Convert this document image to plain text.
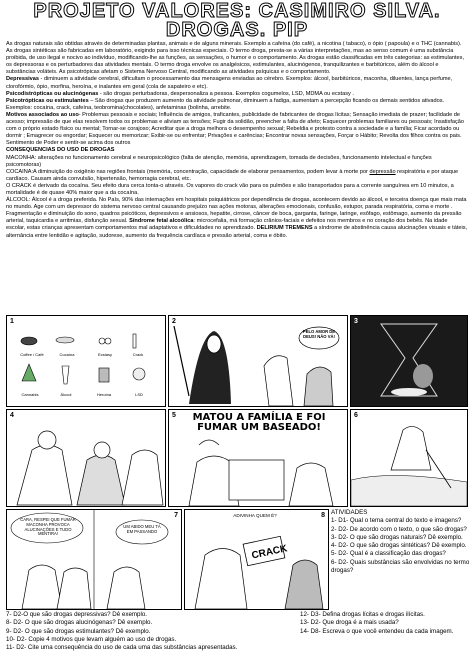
PROJETO VALORES: CASIMIRO SILVA.
DROGAS. PIP

As drogas naturais são obtidas através de determinadas plantas, animais e de alguns minerais. Exemplo a cafeína (do café), a nicotina ( tabaco), o ópio ( papoula) e o THC (cannabis). As drogas sintéticas são fabricadas em laboratório, exigindo para isso técnicas especiais. O termo droga, presta-se a várias interpretações, mas ao senso comum é uma substância proibida, de uso ilegal e nocivo ao indivíduo, modificando-lhe as funções, as sensações, o humor e o comportamento. As drogas estão classificadas em três categorias: as estimulantes, os depressoras e os perturbadores das atividades mentais. O termo droga envolve os analgésicos, estimulantes, alucinógenos, tranquilizantes e barbitúricos, além do álcool e substâncias voláteis. As psicotrópicas afetam o Sistema Nervoso Central, modificando as atividades psíquicas e o comportamento.

Depressivas - diminuem a atividade cerebral, dificultam o processamento das mensagens enviadas ao cérebro. Exemplos: álcool, barbitúricos, maconha, diluentes, lança perfume, clorofórmio, ópio, morfina, heroína, e inalantes em geral (cola de sapateiro e etc).

Psicodistrópticas ou alucinógenas - são drogas perturbadoras, despersonaliza a pessoa. Exemplos cogumelos, LSD, MDMA ou ecstasy .

Psicotrópticas ou estimulantes – São drogas que produzem aumento da atividade pulmonar, diminuem a fadiga, aumentam a percepção ficando os demais sentidos ativados. Exemplos: cocaína, crack, cafeína, teobromina(chocolates), anfetaminas (bolinha, arrebite.

Motivos associados ao uso- Problemas pessoais e sociais; Influência de amigos, traficantes, publicidade de fabricantes de drogas lícitas; Sensação imediata de prazer; facilidade de acesso; impressão de que elas resolvem todos os problemas e aliviam as tensões; Fugir da solidão, preencher a falta de afeto; Esquecer problemas familiares ou pessoais; Insatisfação com o próprio estado físico ou mental; Tornar-se corajoso; Acreditar que a droga melhora o desempenho sexual; Rebeldia e protesto contra a sociedade e a família; Ficar acordado ou dormir ; Emagrecer ou engordar; Esquecer ou memorizar; Exibir-se ou enfrentar; Privações e carências; Encontrar novas sensações, Forçar o Hábito; Revolta dos filhos contra os pais. Sentimento de Poder e sentir-se acima dos outros

CONSEQUENCIAS DO USO DE DROGAS

MACONHA: alterações no funcionamento cerebral e neuropsicológico (falta de atenção, memória, aprendizagem, tomada de decisões, funcionamento intelectual e funções psicomotoras)

COCAINA:A diminuição do oxigênio nas regiões frontais (memória, concentração, capacidade de elaborar pensamentos, podem levar à morte por depressão respiratória e por ataque cardíaco. Causam ainda convulsão, hipertensão, hemorragia cerebral, etc.

O CRACK é derivado da cocaína. Seu efeito dura cerca tonta-o através. Os vapores do crack vão para os pulmões e são transportados para a corrente sanguínea em 10 minutos, a mortalidade é de quase 40% maior que a da cocaína.

ÁLCOOL: Álcool é a droga preferida. No País, 90% das internações em hospitais psiquiátricos por dependência de drogas, acontecem devido ao álcool, e terceira doença que mais mata no mundo. Age com um depressor do sistema nervoso central causando prejuízo nas ações motoras, alterações emocionais, confusão, estupor, parada respiratória, coma e morte . Fragmentação e diminuição do sono, quadros psicóticos, depressivos e ansiosos, hepatite, cirrose, câncer de boca, garganta, faringe, laringe, esôfago, estômago, aumento da pressão arterial, taquicardia e arritmias, disfunção sexual. Síndrome fetal alcoólica: microcefalia, má formação crânios-faciais e defeitos nos membros e no coração dos bebês. Na idade escolar, estas crianças apresentam comportamentos mal adaptativos e dificuldades no aprendizado. DELIRIUM TREMENS a síndrome de abstinência causa alucinações visuais e táteis, alternância entre lentidão e agitação, sudorese, aumento da frequência cardíaca e pressão arterial, coma e óbito.

1
Coffee / Café	Cocaína	Ecstasy	Crack
Cannabis	Álcool	Heroína	LSD
2
PELO AMOR DE DEUS! NÃO VÁ!
3
4	5	MATOU A FAMÍLIA E FOI FUMAR UM BASEADO!
6
7
CARA, RESPEI QUE FUMAR MACONHA PROVOCA ALUCINAÇÕES E TUDO MENTIRA!
UM ABIDO MEU TÁ EM PASSANDO
8
ADIVINHA QUEM É?
CRACK
ATIVIDADES
1- D1- Qual o tema central do texto e imagens?
2- D2- De acordo com o texto, o que são drogas?
3- D2- O que são drogas naturais? Dê exemplo.
4- D2- O que são drogas sintéticas? Dê exemplo.
5- D2- Qual é a classificação das drogas?
6- D2- Quais substâncias são envolvidas no termo drogas?
7- D2-O que são drogas depressivas? Dê exemplo.
8- D2- O que são drogas alucinógenas? Dê exemplo.
9- D2- O que são drogas estimulantes? Dê exemplo.
10- D2- Copie 4 motivos que levam alguém ao uso de drogas.
11- D2- Cite uma consequência do uso de cada uma das substâncias apresentadas.
12- D3- Defina drogas lícitas e drogas ilícitas.
13- D2- Que droga é a mais usada?
14- D8- Escreva o que você entendeu da cada imagem.
